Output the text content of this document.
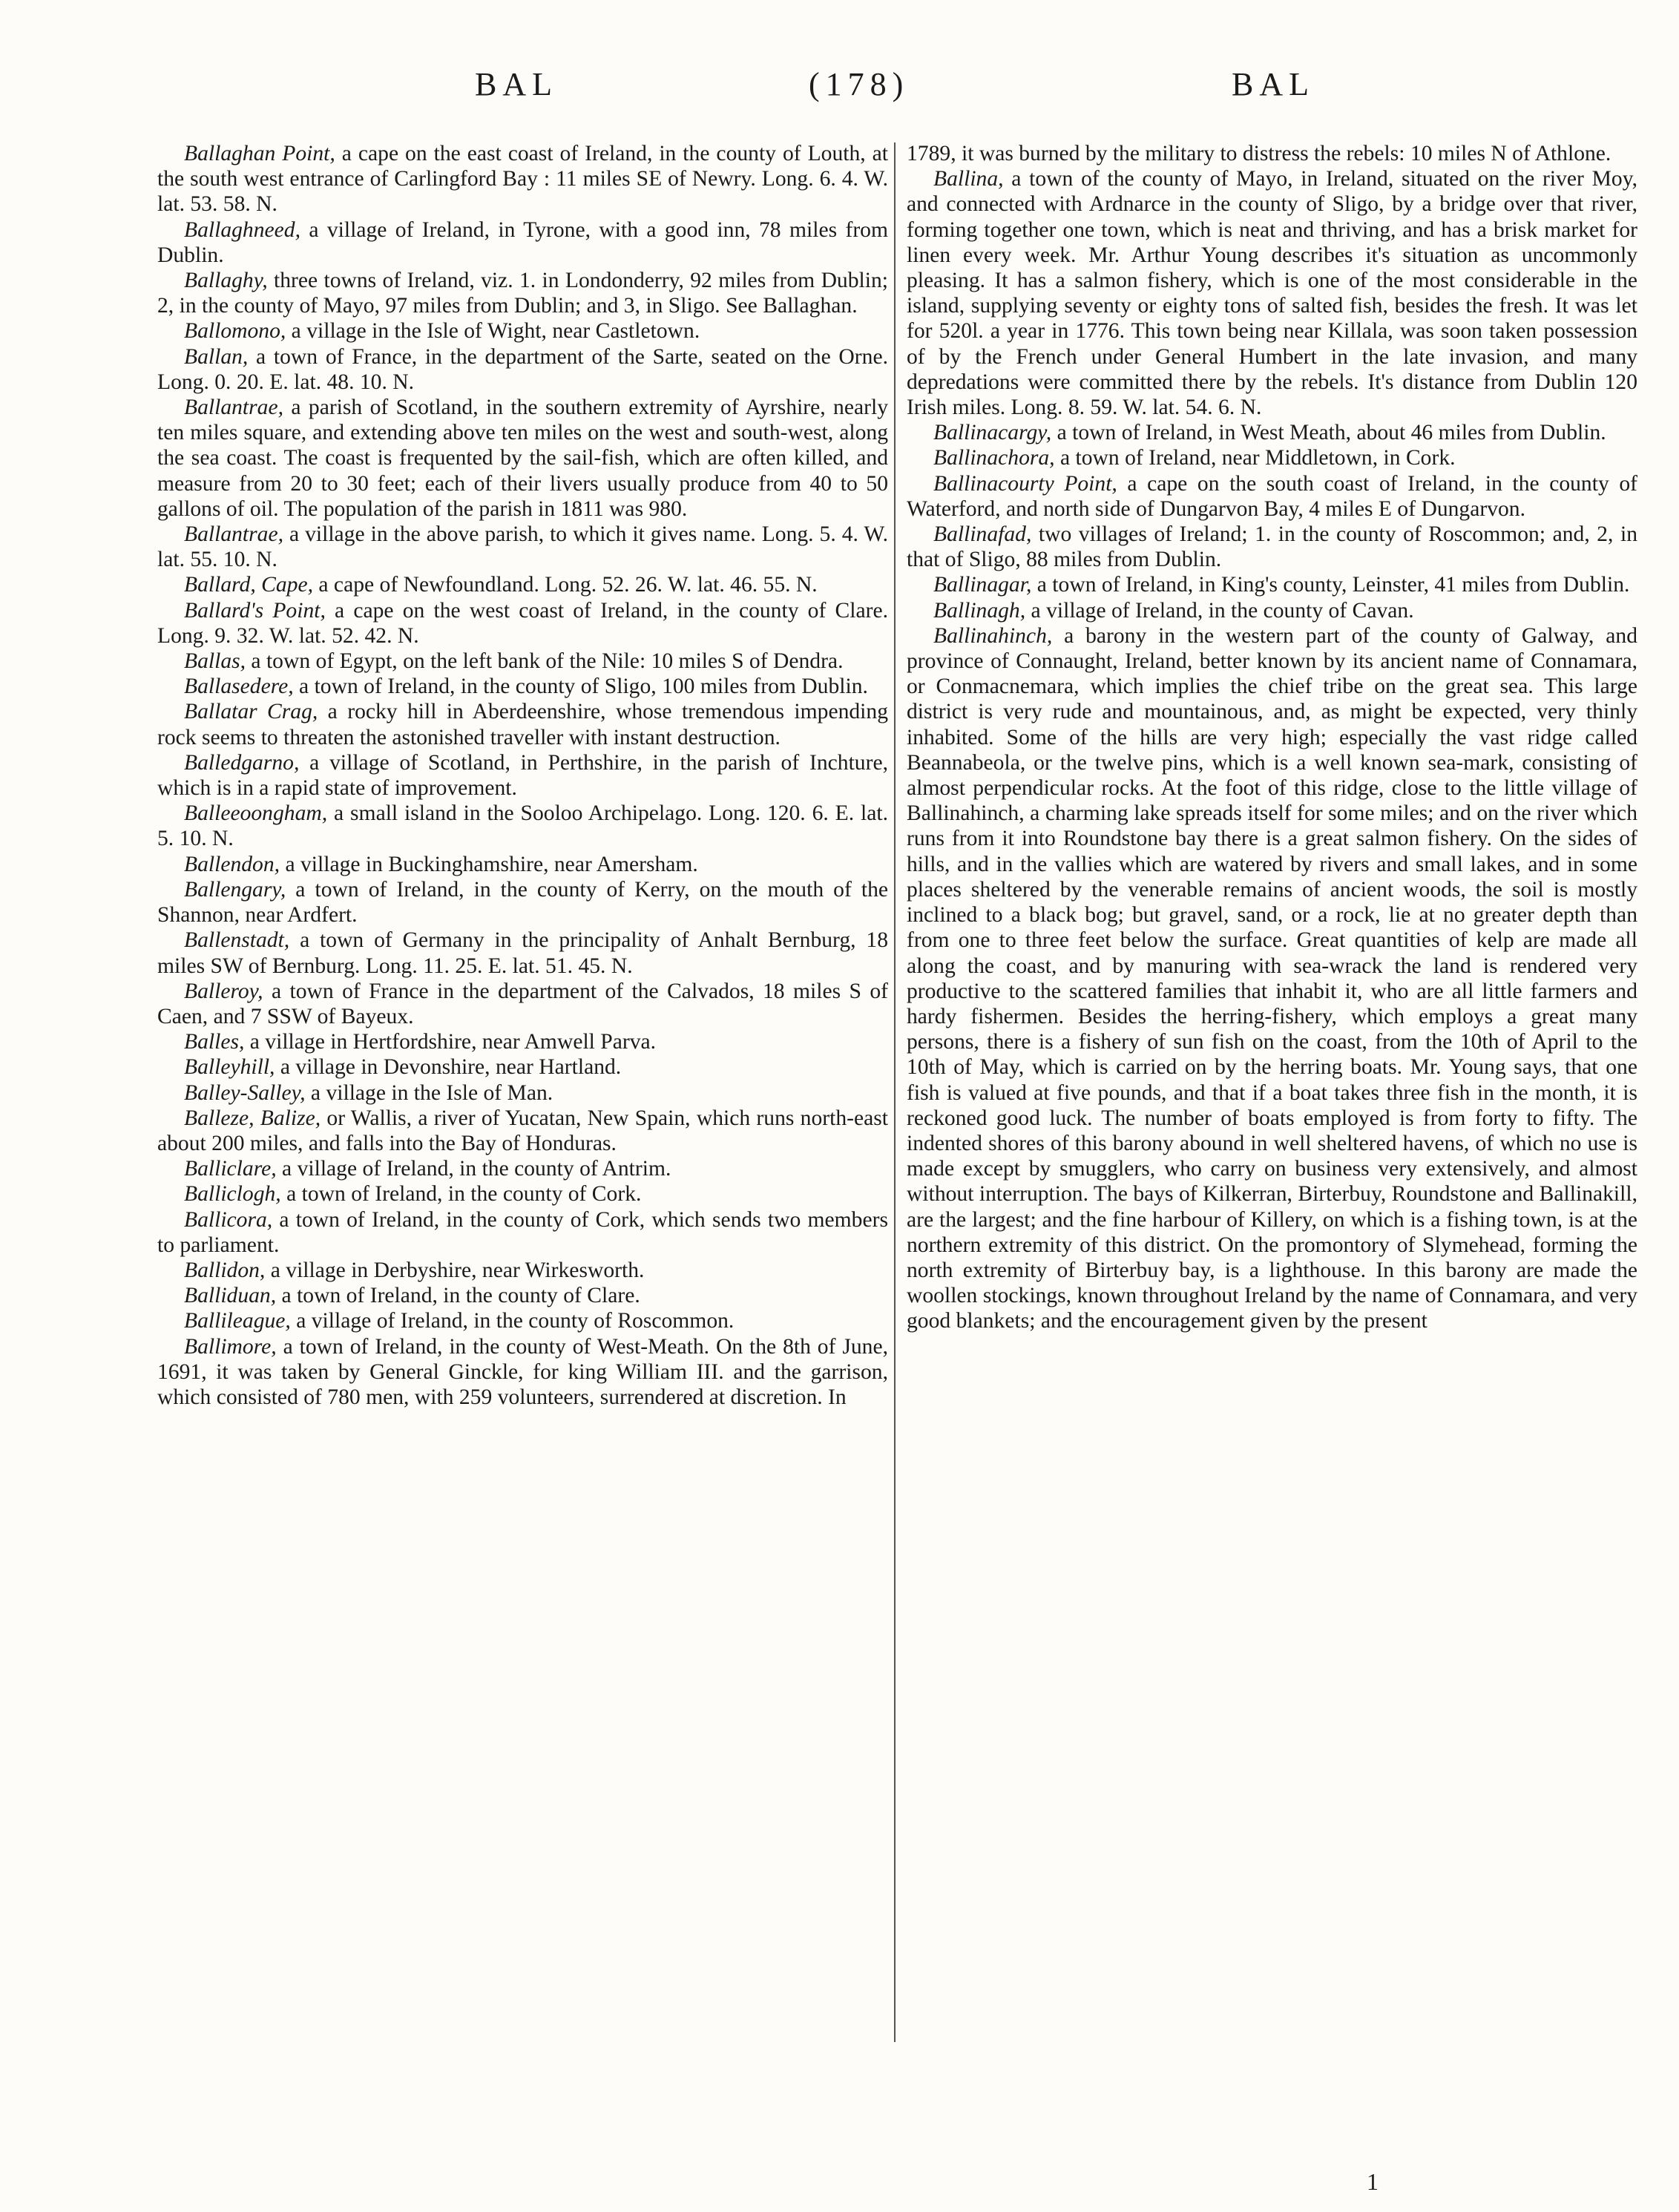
BAL	(178)	BAL

Ballaghan Point, a cape on the east coast of Ireland, in the county of Louth, at the south west entrance of Carlingford Bay : 11 miles SE of Newry. Long. 6. 4. W. lat. 53. 58. N.

Ballaghneed, a village of Ireland, in Tyrone, with a good inn, 78 miles from Dublin.

Ballaghy, three towns of Ireland, viz. 1. in Londonderry, 92 miles from Dublin; 2, in the county of Mayo, 97 miles from Dublin; and 3, in Sligo. See Ballaghan.

Ballomono, a village in the Isle of Wight, near Castletown.

Ballan, a town of France, in the department of the Sarte, seated on the Orne. Long. 0. 20. E. lat. 48. 10. N.

Ballantrae, a parish of Scotland, in the southern extremity of Ayrshire, nearly ten miles square, and extending above ten miles on the west and south-west, along the sea coast. The coast is frequented by the sail-fish, which are often killed, and measure from 20 to 30 feet; each of their livers usually produce from 40 to 50 gallons of oil. The population of the parish in 1811 was 980.

Ballantrae, a village in the above parish, to which it gives name. Long. 5. 4. W. lat. 55. 10. N.

Ballard, Cape, a cape of Newfoundland. Long. 52. 26. W. lat. 46. 55. N.

Ballard's Point, a cape on the west coast of Ireland, in the county of Clare. Long. 9. 32. W. lat. 52. 42. N.

Ballas, a town of Egypt, on the left bank of the Nile: 10 miles S of Dendra.

Ballasedere, a town of Ireland, in the county of Sligo, 100 miles from Dublin.

Ballatar Crag, a rocky hill in Aberdeenshire, whose tremendous impending rock seems to threaten the astonished traveller with instant destruction.

Balledgarno, a village of Scotland, in Perthshire, in the parish of Inchture, which is in a rapid state of improvement.

Balleeoongham, a small island in the Sooloo Archipelago. Long. 120. 6. E. lat. 5. 10. N.

Ballendon, a village in Buckinghamshire, near Amersham.

Ballengary, a town of Ireland, in the county of Kerry, on the mouth of the Shannon, near Ardfert.

Ballenstadt, a town of Germany in the principality of Anhalt Bernburg, 18 miles SW of Bernburg. Long. 11. 25. E. lat. 51. 45. N.

Balleroy, a town of France in the department of the Calvados, 18 miles S of Caen, and 7 SSW of Bayeux.

Balles, a village in Hertfordshire, near Amwell Parva.

Balleyhill, a village in Devonshire, near Hartland.

Balley-Salley, a village in the Isle of Man.

Balleze, Balize, or Wallis, a river of Yucatan, New Spain, which runs north-east about 200 miles, and falls into the Bay of Honduras.

Balliclare, a village of Ireland, in the county of Antrim.

Balliclogh, a town of Ireland, in the county of Cork.

Ballicora, a town of Ireland, in the county of Cork, which sends two members to parliament.

Ballidon, a village in Derbyshire, near Wirkesworth.

Balliduan, a town of Ireland, in the county of Clare.

Ballileague, a village of Ireland, in the county of Roscommon.

Ballimore, a town of Ireland, in the county of West-Meath. On the 8th of June, 1691, it was taken by General Ginckle, for king William III. and the garrison, which consisted of 780 men, with 259 volunteers, surrendered at discretion. In

1789, it was burned by the military to distress the rebels: 10 miles N of Athlone.

Ballina, a town of the county of Mayo, in Ireland, situated on the river Moy, and connected with Ardnarce in the county of Sligo, by a bridge over that river, forming together one town, which is neat and thriving, and has a brisk market for linen every week. Mr. Arthur Young describes it's situation as uncommonly pleasing. It has a salmon fishery, which is one of the most considerable in the island, supplying seventy or eighty tons of salted fish, besides the fresh. It was let for 520l. a year in 1776. This town being near Killala, was soon taken possession of by the French under General Humbert in the late invasion, and many depredations were committed there by the rebels. It's distance from Dublin 120 Irish miles. Long. 8. 59. W. lat. 54. 6. N.

Ballinacargy, a town of Ireland, in West Meath, about 46 miles from Dublin.

Ballinachora, a town of Ireland, near Middletown, in Cork.

Ballinacourty Point, a cape on the south coast of Ireland, in the county of Waterford, and north side of Dungarvon Bay, 4 miles E of Dungarvon.

Ballinafad, two villages of Ireland; 1. in the county of Roscommon; and, 2, in that of Sligo, 88 miles from Dublin.

Ballinagar, a town of Ireland, in King's county, Leinster, 41 miles from Dublin.

Ballinagh, a village of Ireland, in the county of Cavan.

Ballinahinch, a barony in the western part of the county of Galway, and province of Connaught, Ireland, better known by its ancient name of Connamara, or Conmacnemara, which implies the chief tribe on the great sea. This large district is very rude and mountainous, and, as might be expected, very thinly inhabited. Some of the hills are very high; especially the vast ridge called Beannabeola, or the twelve pins, which is a well known sea-mark, consisting of almost perpendicular rocks. At the foot of this ridge, close to the little village of Ballinahinch, a charming lake spreads itself for some miles; and on the river which runs from it into Roundstone bay there is a great salmon fishery. On the sides of hills, and in the vallies which are watered by rivers and small lakes, and in some places sheltered by the venerable remains of ancient woods, the soil is mostly inclined to a black bog; but gravel, sand, or a rock, lie at no greater depth than from one to three feet below the surface. Great quantities of kelp are made all along the coast, and by manuring with sea-wrack the land is rendered very productive to the scattered families that inhabit it, who are all little farmers and hardy fishermen. Besides the herring-fishery, which employs a great many persons, there is a fishery of sun fish on the coast, from the 10th of April to the 10th of May, which is carried on by the herring boats. Mr. Young says, that one fish is valued at five pounds, and that if a boat takes three fish in the month, it is reckoned good luck. The number of boats employed is from forty to fifty. The indented shores of this barony abound in well sheltered havens, of which no use is made except by smugglers, who carry on business very extensively, and almost without interruption. The bays of Kilkerran, Birterbuy, Roundstone and Ballinakill, are the largest; and the fine harbour of Killery, on which is a fishing town, is at the northern extremity of this district. On the promontory of Slymehead, forming the north extremity of Birterbuy bay, is a lighthouse. In this barony are made the woollen stockings, known throughout Ireland by the name of Connamara, and very good blankets; and the encouragement given by the present

1
